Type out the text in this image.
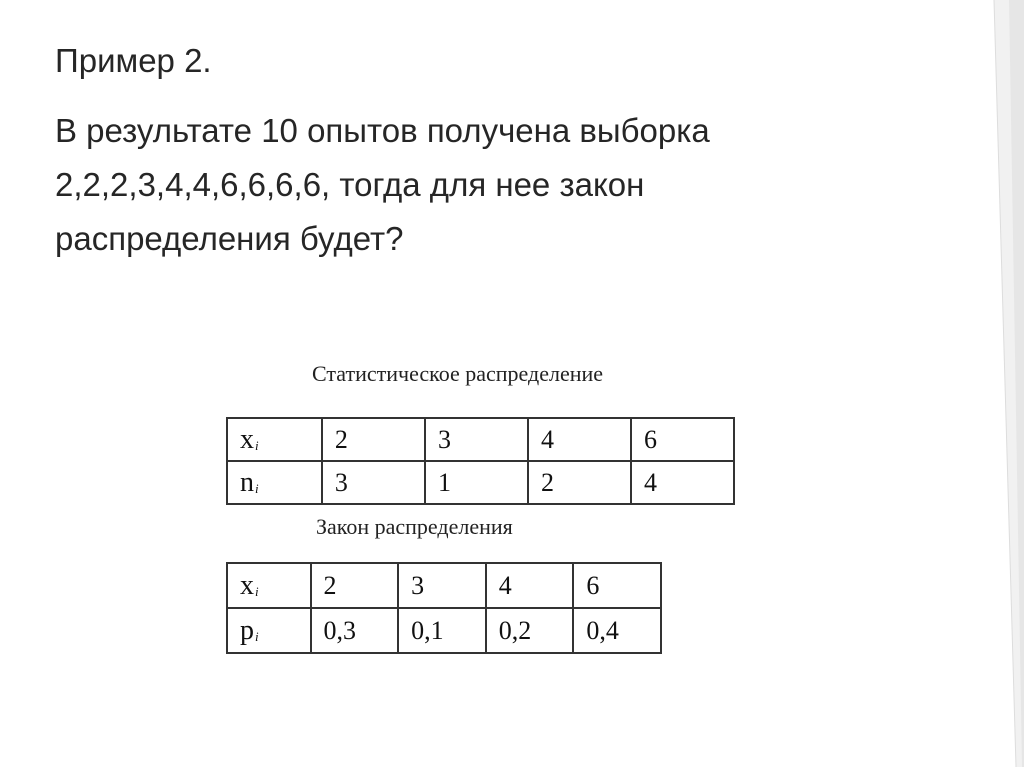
Пример 2.
В результате 10 опытов получена выборка
2,2,2,3,4,4,6,6,6,6, тогда для нее закон
распределения будет?
Статистическое распределение
$x_i$	2	3	4	6
$n_i$	3	1	2	4
Закон распределения
$x_i$	2	3	4	6
$p_i$	0,3	0,1	0,2	0,4
